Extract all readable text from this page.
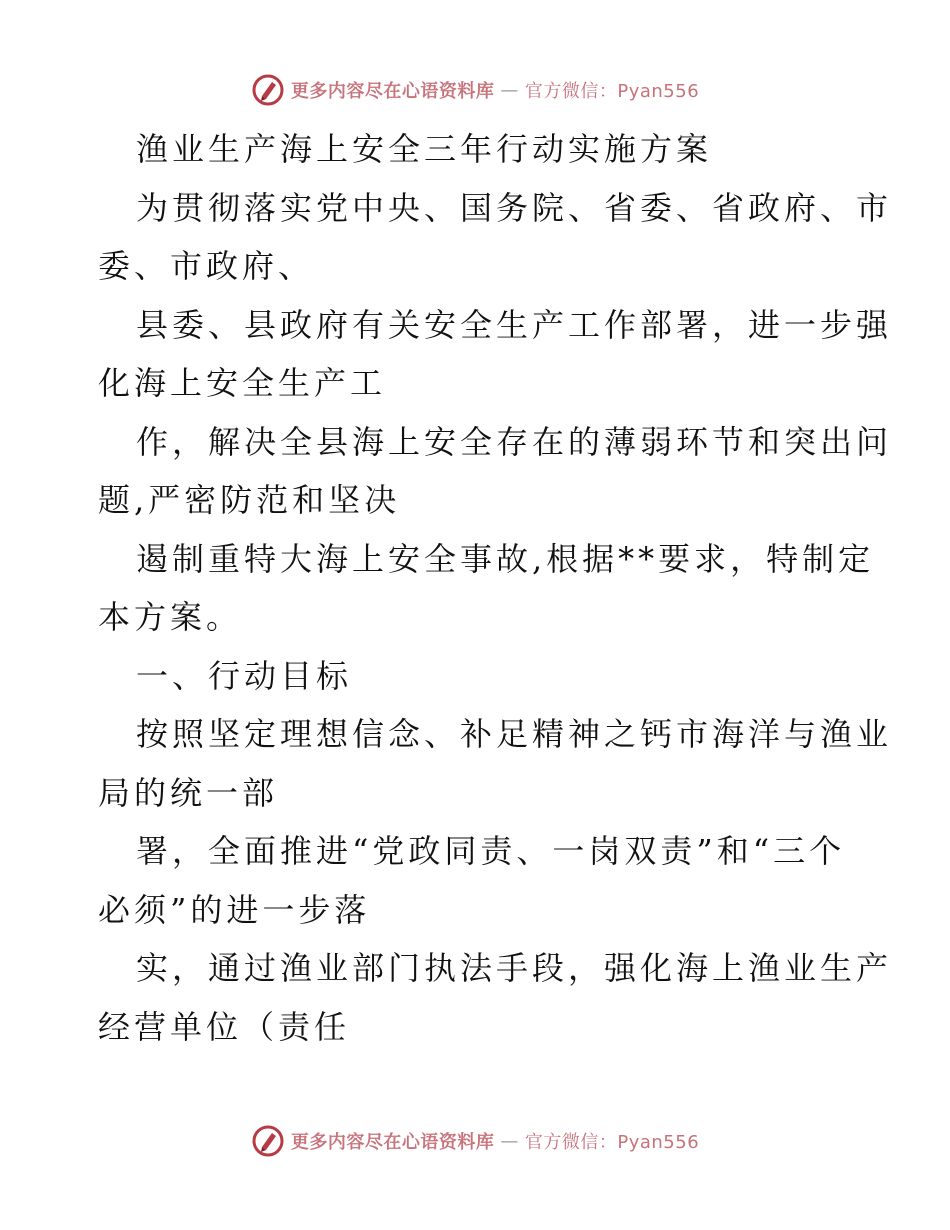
更多内容尽在心语资料库 — 官方微信：Pyan556
渔业生产海上安全三年行动实施方案
为贯彻落实党中央、国务院、省委、省政府、市
委、市政府、
县委、县政府有关安全生产工作部署，进一步强
化海上安全生产工
作，解决全县海上安全存在的薄弱环节和突出问
题,严密防范和坚决
遏制重特大海上安全事故,根据**要求，特制定
本方案。
一、行动目标
按照坚定理想信念、补足精神之钙市海洋与渔业
局的统一部
署，全面推进“党政同责、一岗双责”和“三个
必须”的进一步落
实，通过渔业部门执法手段，强化海上渔业生产
经营单位（责任
更多内容尽在心语资料库 — 官方微信：Pyan556
